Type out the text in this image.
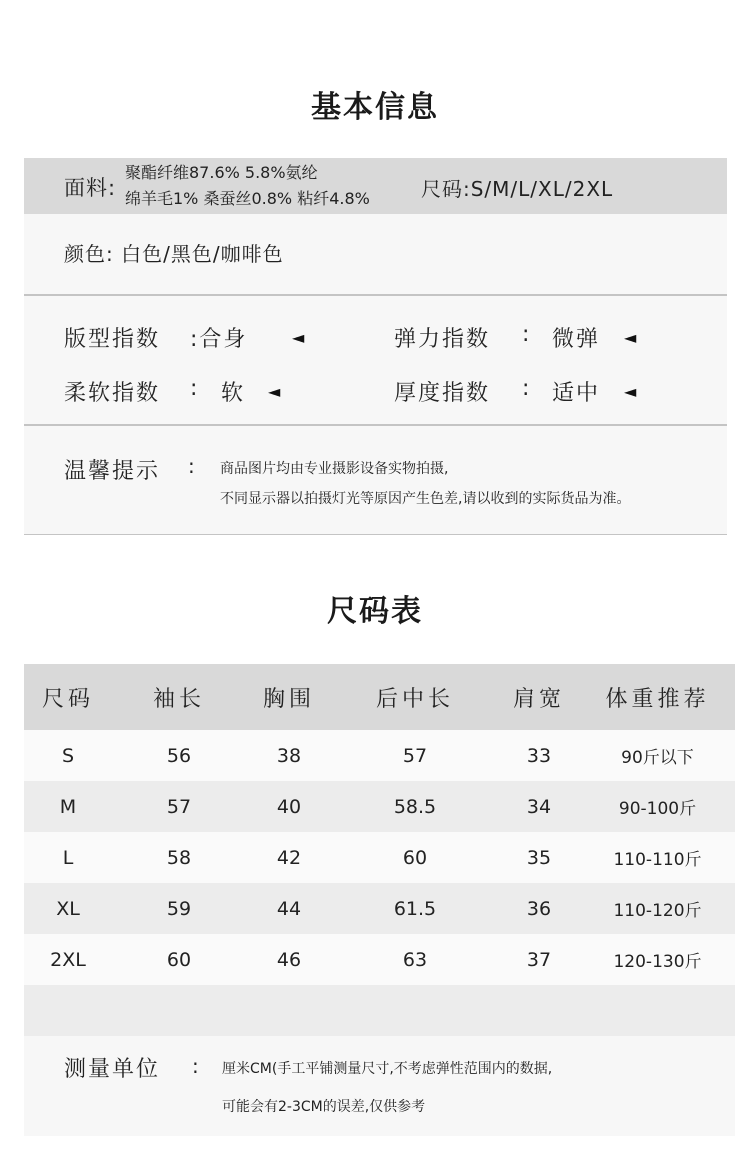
基本信息
面料:
聚酯纤维87.6% 5.8%氨纶
绵羊毛1% 桑蚕丝0.8% 粘纤4.8%	尺码:S/M/L/XL/2XL
颜色: 白色/黑色/咖啡色
版型指数 :合身	◄	弹力指数 : 微弹 ◄
柔软指数 : 软 ◄	厚度指数 : 适中 ◄
温馨提示 : 商品图片均由专业摄影设备实物拍摄,
不同显示器以拍摄灯光等原因产生色差,请以收到的实际货品为准。
尺码表
尺码	袖长	胸围	后中长	肩宽	体重推荐
S	56	38	57	33	90斤以下
M	57	40	58.5	34	90-100斤
L	58	42	60	35	110-110斤
XL	59	44	61.5	36	110-120斤
2XL	60	46	63	37	120-130斤
测量单位 : 厘米CM(手工平铺测量尺寸,不考虑弹性范围内的数据,
可能会有2-3CM的误差,仅供参考
